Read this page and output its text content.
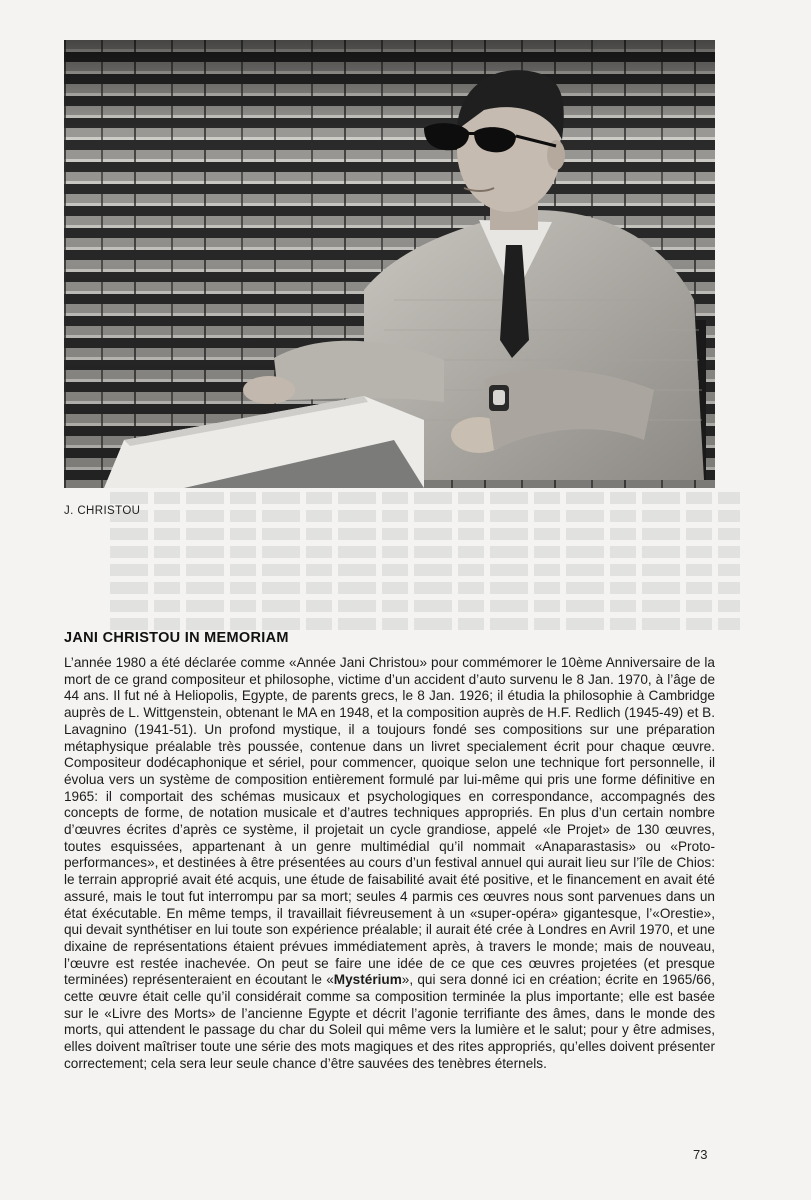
J. CHRISTOU
JANI CHRISTOU IN MEMORIAM

L’année 1980 a été déclarée comme «Année Jani Christou» pour commémorer le 10ème Anniversaire de la mort de ce grand compositeur et philosophe, victime d’un accident d’auto survenu le 8 Jan. 1970, à l’âge de 44 ans. Il fut né à Heliopolis, Egypte, de parents grecs, le 8 Jan. 1926; il étudia la philosophie à Cambridge auprès de L. Wittgenstein, obtenant le MA en 1948, et la composition auprès de H.F. Redlich (1945-49) et B. Lavagnino (1941-51). Un profond mystique, il a toujours fondé ses compositions sur une préparation métaphysique préalable très poussée, contenue dans un livret specialement écrit pour chaque œuvre. Compositeur dodécaphonique et sériel, pour commencer, quoique selon une technique fort personnelle, il évolua vers un système de composition entièrement formulé par lui-même qui pris une forme définitive en 1965: il comportait des schémas musicaux et psychologiques en correspondance, accompagnés des concepts de forme, de notation musicale et d’autres techniques appropriés. En plus d’un certain nombre d’œuvres écrites d’après ce système, il projetait un cycle grandiose, appelé «le Projet» de 130 œuvres, toutes esquissées, appartenant à un genre multimédial qu’il nommait «Anaparastasis» ou «Proto-performances», et destinées à être présentées au cours d’un festival annuel qui aurait lieu sur l’île de Chios: le terrain approprié avait été acquis, une étude de faisabilité avait été positive, et le financement en avait été assuré, mais le tout fut interrompu par sa mort; seules 4 parmis ces œuvres nous sont parvenues dans un état éxécutable. En même temps, il travaillait fiévreusement à un «super-opéra» gigantesque, l’«Orestie», qui devait synthétiser en lui toute son expérience préalable; il aurait été crée à Londres en Avril 1970, et une dixaine de représentations étaient prévues immédiatement après, à travers le monde; mais de nouveau, l’œuvre est restée inachevée. On peut se faire une idée de ce que ces œuvres projetées (et presque terminées) représenteraient en écoutant le «Mystérium», qui sera donné ici en création; écrite en 1965/66, cette œuvre était celle qu’il considérait comme sa composition terminée la plus importante; elle est basée sur le «Livre des Morts» de l’ancienne Egypte et décrit l’agonie terrifiante des âmes, dans le monde des morts, qui attendent le passage du char du Soleil qui même vers la lumière et le salut; pour y être admises, elles doivent maîtriser toute une série des mots magiques et des rites appropriés, qu’elles doivent présenter correctement; cela sera leur seule chance d’être sauvées des tenèbres éternels.

73
